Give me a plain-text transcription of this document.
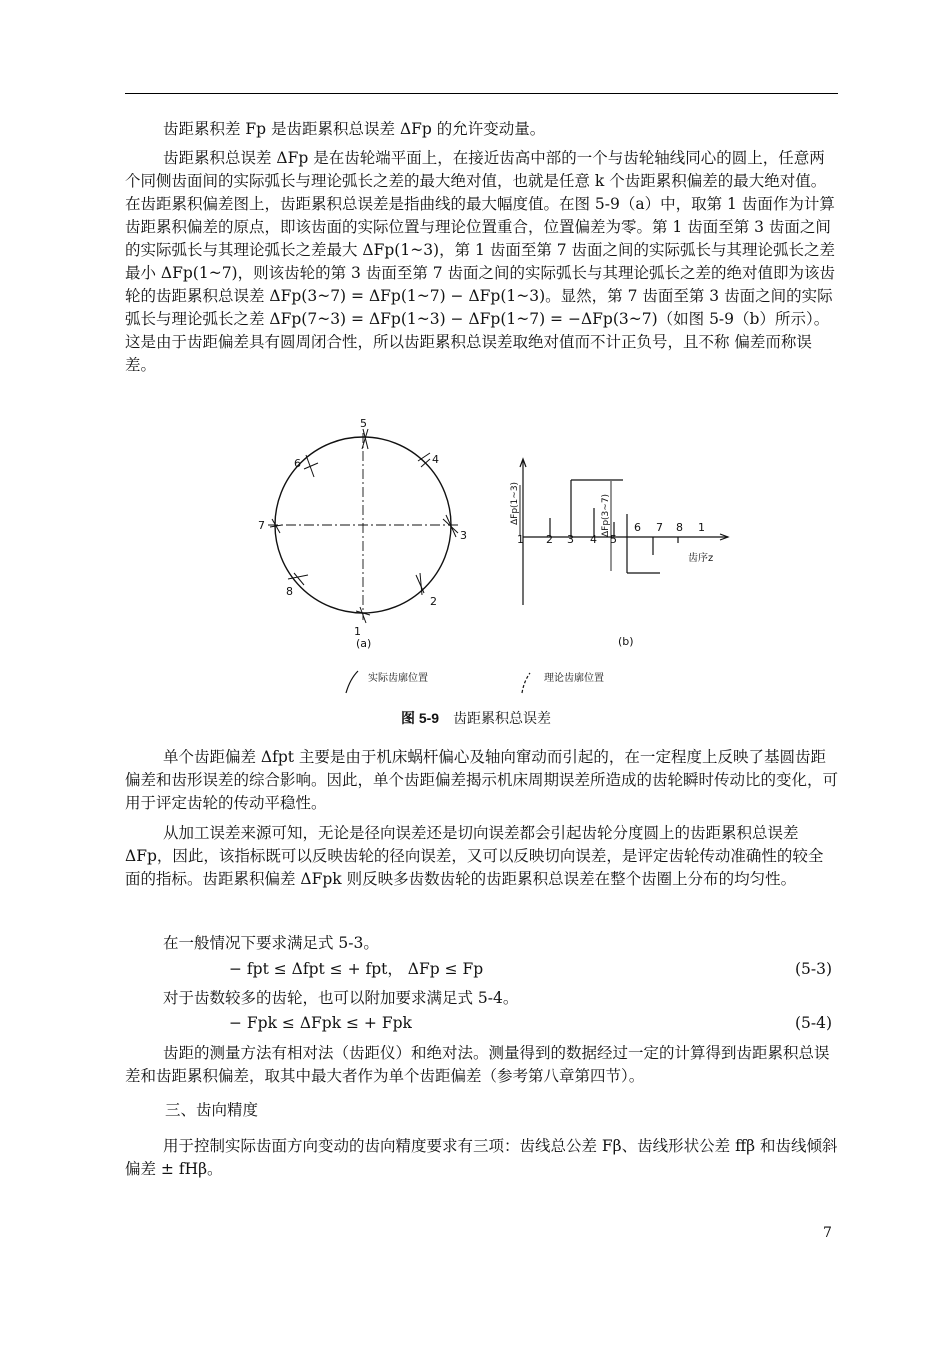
齿距累积差 Fp 是齿距累积总误差 ΔFp 的允许变动量。

齿距累积总误差 ΔFp 是在齿轮端平面上，在接近齿高中部的一个与齿轮轴线同心的圆上，任意两个同侧齿面间的实际弧长与理论弧长之差的最大绝对值，也就是任意 k 个齿距累积偏差的最大绝对值。在齿距累积偏差图上，齿距累积总误差是指曲线的最大幅度值。在图 5-9（a）中，取第 1 齿面作为计算齿距累积偏差的原点，即该齿面的实际位置与理论位置重合，位置偏差为零。第 1 齿面至第 3 齿面之间的实际弧长与其理论弧长之差最大 ΔFp(1~3)，第 1 齿面至第 7 齿面之间的实际弧长与其理论弧长之差最小 ΔFp(1~7)，则该齿轮的第 3 齿面至第 7 齿面之间的实际弧长与其理论弧长之差的绝对值即为该齿轮的齿距累积总误差 ΔFp(3~7) = ΔFp(1~7) − ΔFp(1~3)。显然，第 7 齿面至第 3 齿面之间的实际弧长与理论弧长之差 ΔFp(7~3) = ΔFp(1~3) − ΔFp(1~7) = −ΔFp(3~7)（如图 5-9（b）所示）。这是由于齿距偏差具有圆周闭合性，所以齿距累积总误差取绝对值而不计正负号，且不称 偏差而称误差。

5
4
3
2
1
8
7
6
(a)
1 2 3 4 5
6 7 8 1
齿序z
(b)
ΔFp(1~3)	ΔFp(3~7)
实际齿廓位置	理论齿廓位置
图 5-9 齿距累积总误差

单个齿距偏差 Δfpt 主要是由于机床蜗杆偏心及轴向窜动而引起的，在一定程度上反映了基圆齿距偏差和齿形误差的综合影响。因此，单个齿距偏差揭示机床周期误差所造成的齿轮瞬时传动比的变化，可用于评定齿轮的传动平稳性。

从加工误差来源可知，无论是径向误差还是切向误差都会引起齿轮分度圆上的齿距累积总误差 ΔFp，因此，该指标既可以反映齿轮的径向误差，又可以反映切向误差，是评定齿轮传动准确性的较全面的指标。齿距累积偏差 ΔFpk 则反映多齿数齿轮的齿距累积总误差在整个齿圈上分布的均匀性。

在一般情况下要求满足式 5-3。

− fpt ≤ Δfpt ≤ + fpt， ΔFp ≤ Fp	(5-3)

对于齿数较多的齿轮，也可以附加要求满足式 5-4。

− Fpk ≤ ΔFpk ≤ + Fpk	(5-4)

齿距的测量方法有相对法（齿距仪）和绝对法。测量得到的数据经过一定的计算得到齿距累积总误差和齿距累积偏差，取其中最大者作为单个齿距偏差（参考第八章第四节）。

三、齿向精度

用于控制实际齿面方向变动的齿向精度要求有三项：齿线总公差 Fβ、齿线形状公差 ffβ 和齿线倾斜偏差 ± fHβ。

7
